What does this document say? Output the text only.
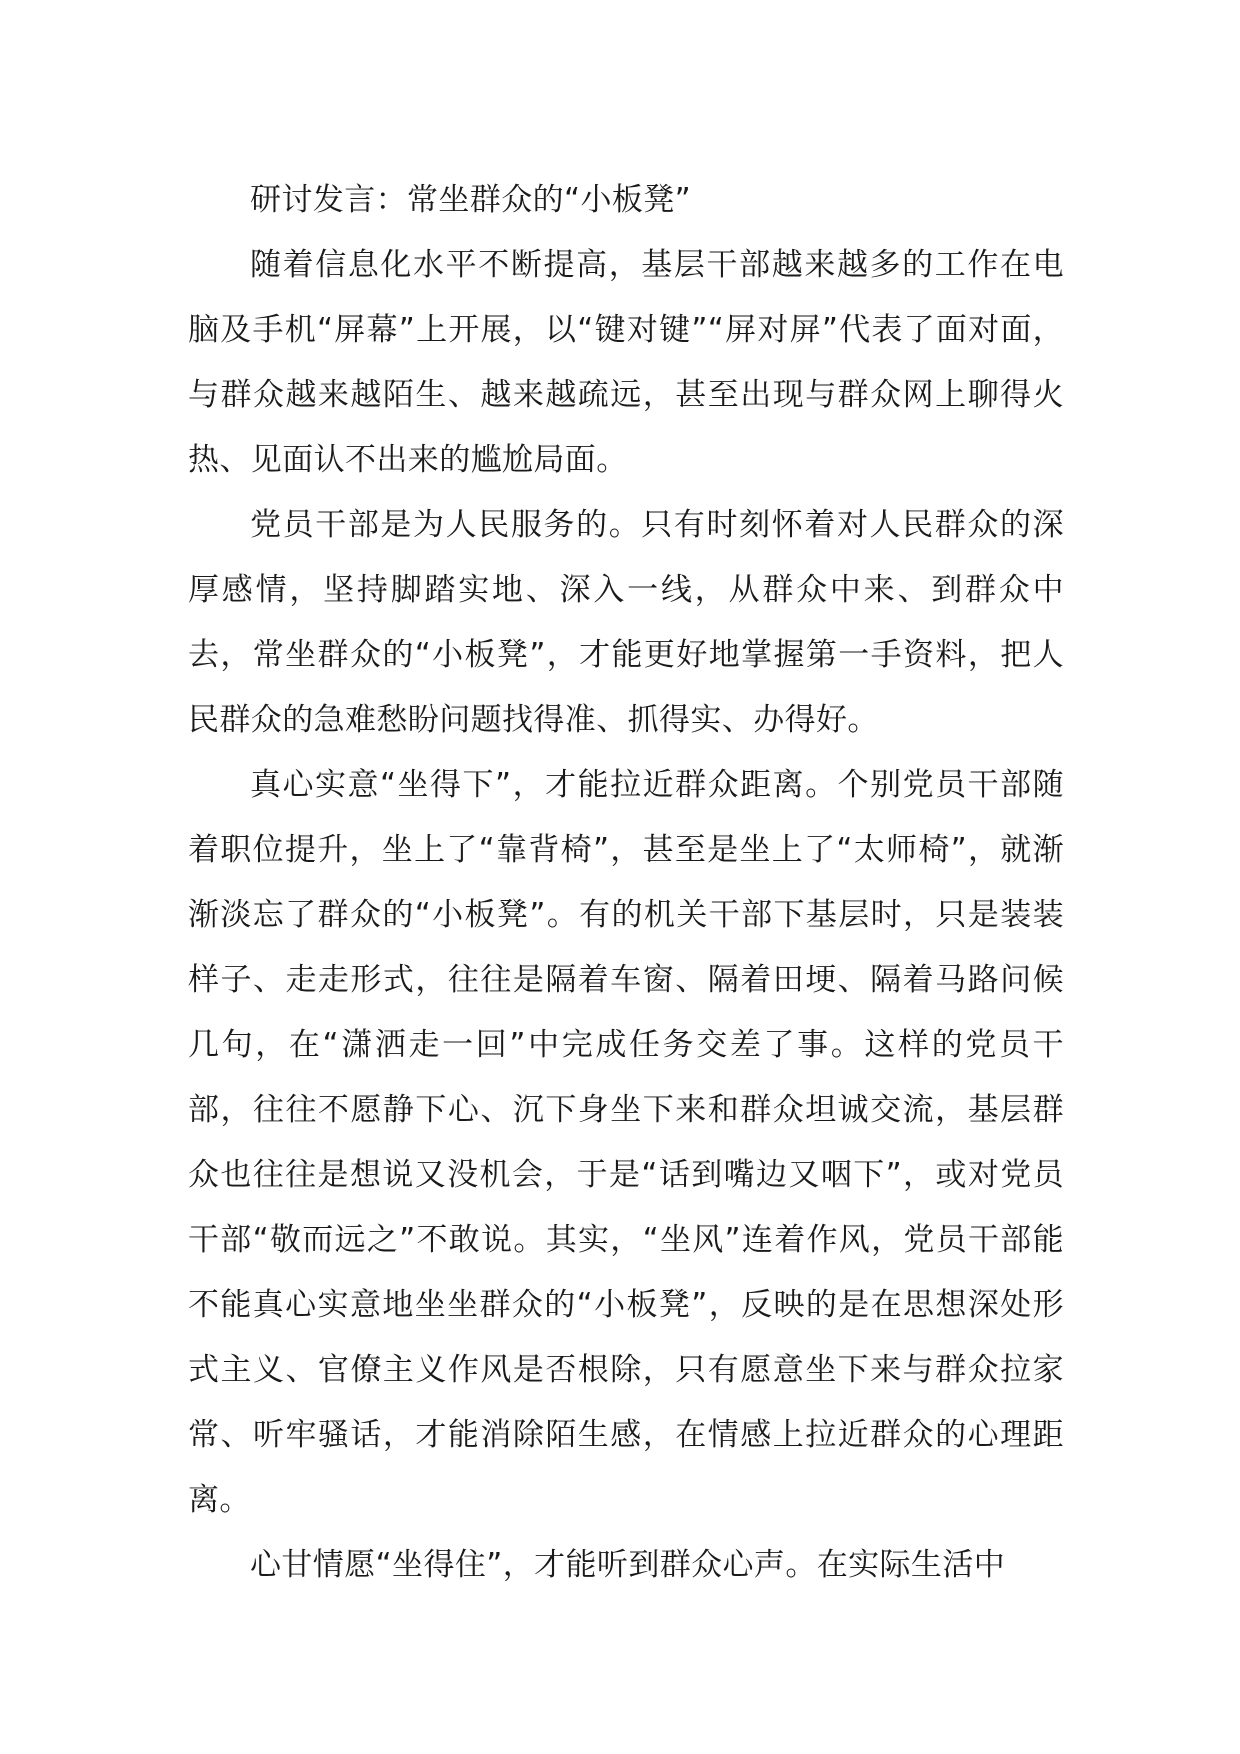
研讨发言：常坐群众的“小板凳”

随着信息化水平不断提高，基层干部越来越多的工作在电脑及手机“屏幕”上开展，以“键对键”“屏对屏”代表了面对面，与群众越来越陌生、越来越疏远，甚至出现与群众网上聊得火热、见面认不出来的尴尬局面。

党员干部是为人民服务的。只有时刻怀着对人民群众的深厚感情，坚持脚踏实地、深入一线，从群众中来、到群众中去，常坐群众的“小板凳”，才能更好地掌握第一手资料，把人民群众的急难愁盼问题找得准、抓得实、办得好。

真心实意“坐得下”，才能拉近群众距离。个别党员干部随着职位提升，坐上了“靠背椅”，甚至是坐上了“太师椅”，就渐渐淡忘了群众的“小板凳”。有的机关干部下基层时，只是装装样子、走走形式，往往是隔着车窗、隔着田埂、隔着马路问候几句，在“潇洒走一回”中完成任务交差了事。这样的党员干部，往往不愿静下心、沉下身坐下来和群众坦诚交流，基层群众也往往是想说又没机会，于是“话到嘴边又咽下”，或对党员干部“敬而远之”不敢说。其实，“坐风”连着作风，党员干部能不能真心实意地坐坐群众的“小板凳”，反映的是在思想深处形式主义、官僚主义作风是否根除，只有愿意坐下来与群众拉家常、听牢骚话，才能消除陌生感，在情感上拉近群众的心理距离。

心甘情愿“坐得住”，才能听到群众心声。在实际生活中
